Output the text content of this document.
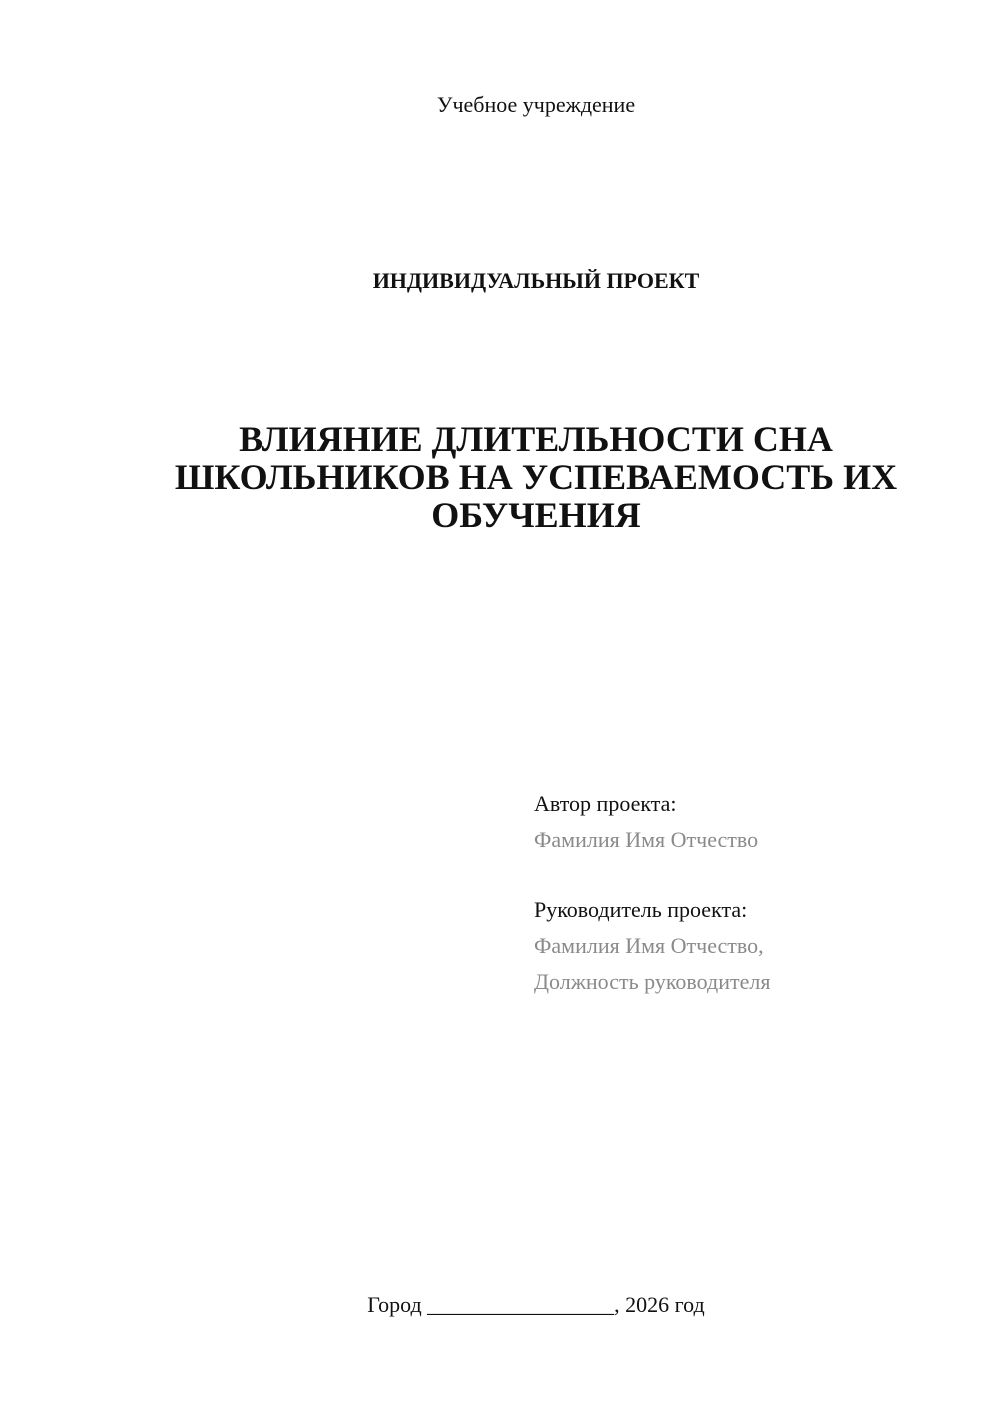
Учебное учреждение
ИНДИВИДУАЛЬНЫЙ ПРОЕКТ
ВЛИЯНИЕ ДЛИТЕЛЬНОСТИ СНА
ШКОЛЬНИКОВ НА УСПЕВАЕМОСТЬ ИХ
ОБУЧЕНИЯ
Автор проекта:
Фамилия Имя Отчество
Руководитель проекта:
Фамилия Имя Отчество,
Должность руководителя
Город _________________, 2026 год
